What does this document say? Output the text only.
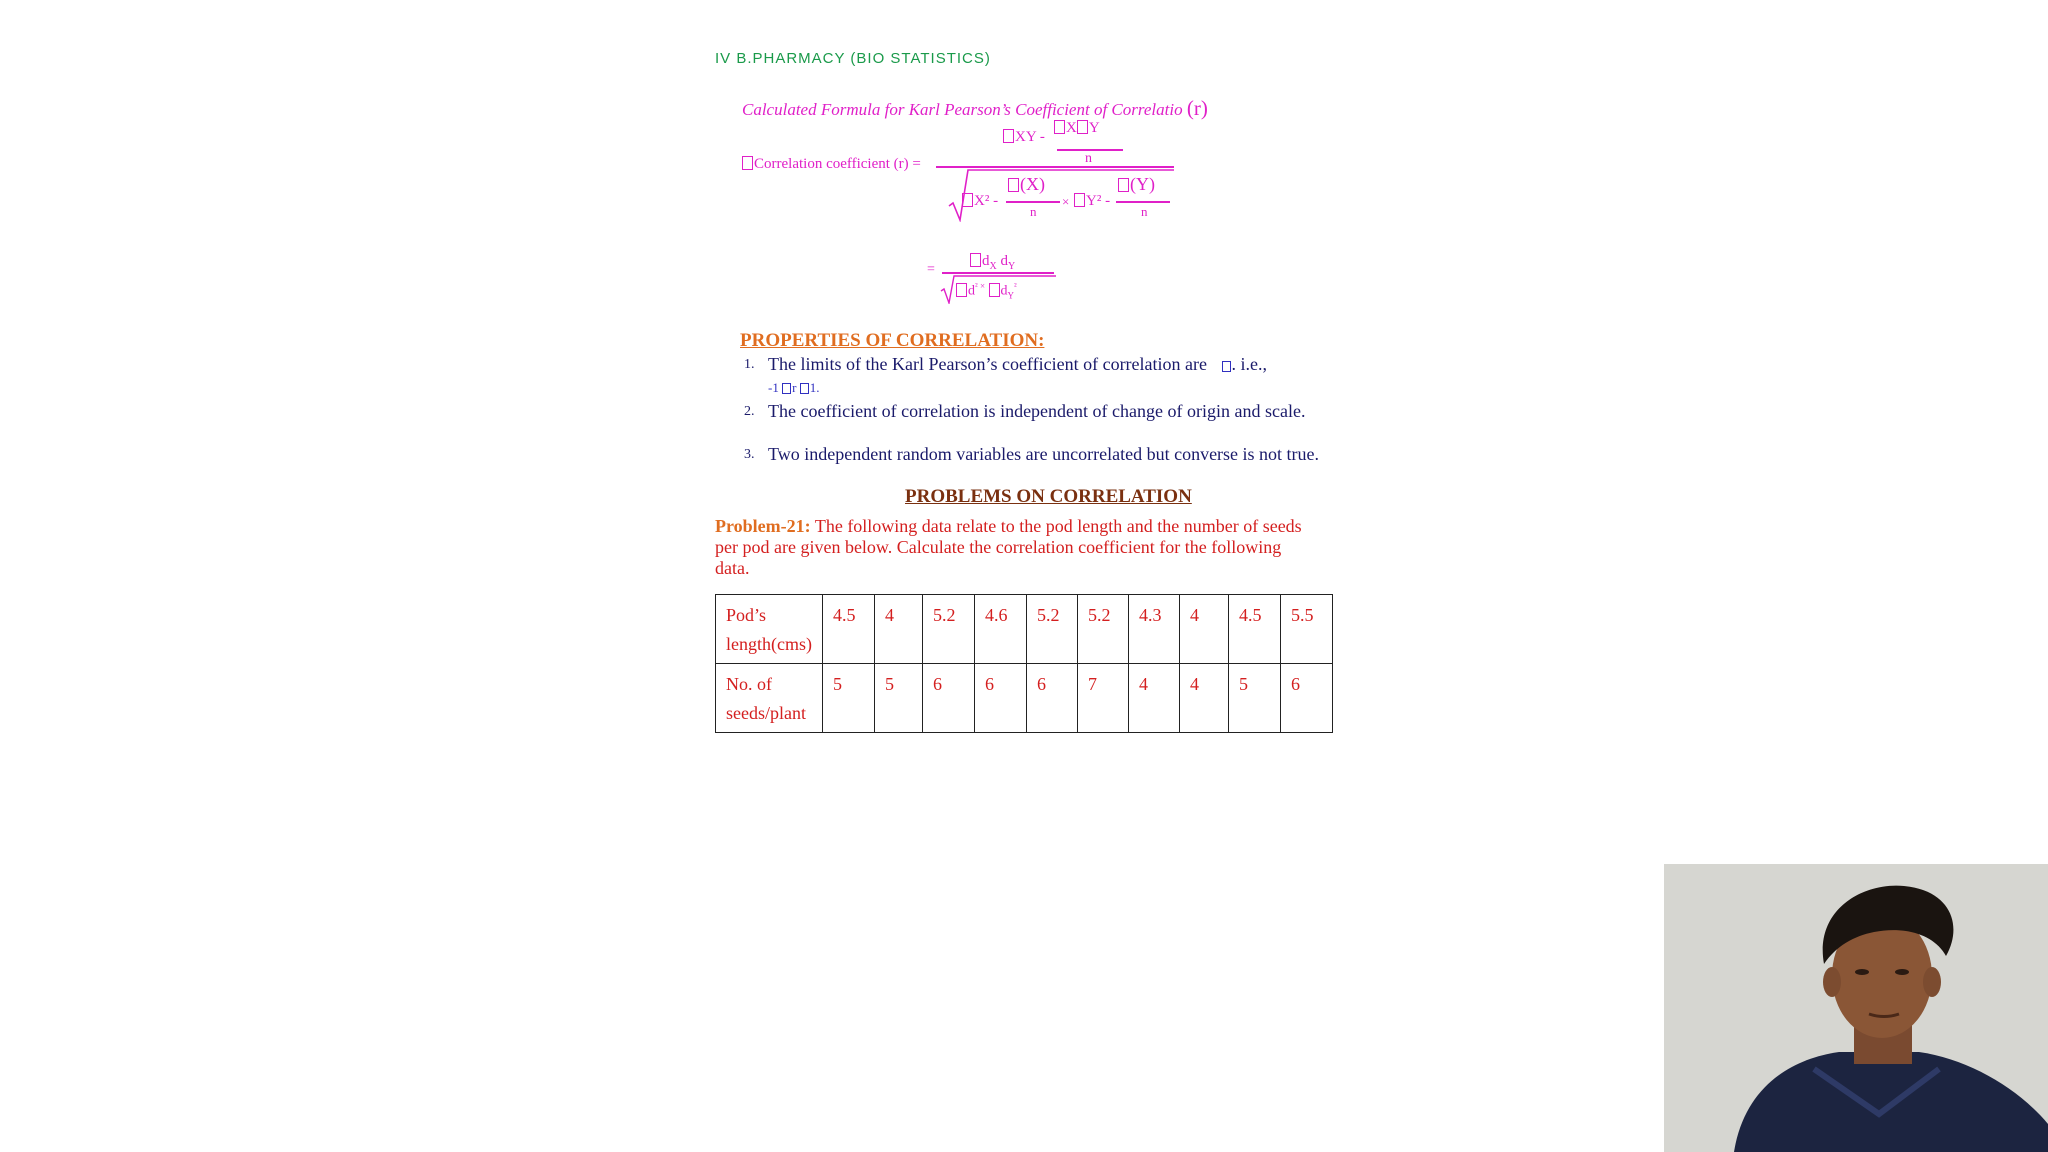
IV B.PHARMACY (BIO STATISTICS)
Calculated Formula for Karl Pearson’s Coefficient of Correlatio (r)
Correlation coefficient (r) =
XY -
X Y
n
X² -
(X)
n
×	Y² -
(Y)
n
=
$d_X$ $d_Y$
$d^{^2 \times}$ $d_Y^{^2}$
PROPERTIES OF CORRELATION:
1. The limits of the Karl Pearson’s coefficient of correlation are . i.e.,
-1 r 1.
2. The coefficient of correlation is independent of change of origin and scale.
3. Two independent random variables are uncorrelated but converse is not true.
PROBLEMS ON CORRELATION
Problem-21: The following data relate to the pod length and the number of seeds per pod are given below. Calculate the correlation coefficient for the following data.
Pod’s length(cms)	4.5	4	5.2	4.6	5.2	5.2	4.3	4	4.5	5.5
No. of seeds/plant	5	5	6	6	6	7	4	4	5	6
